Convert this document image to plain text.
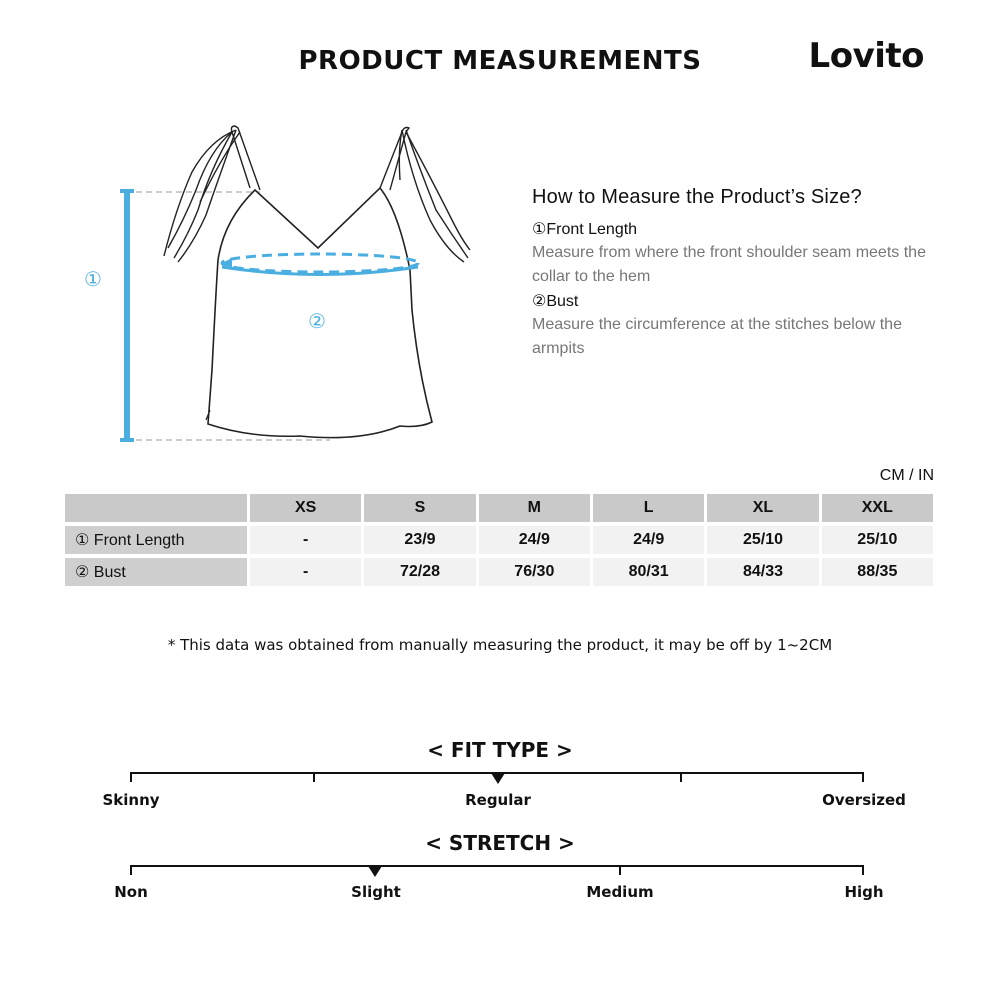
PRODUCT MEASUREMENTS	Lovito
①
②
How to Measure the Product’s Size?

①Front Length

Measure from where the front shoulder seam meets the collar to the hem

②Bust

Measure the circumference at the stitches below the armpits

CM / IN
	XS	S	M	L	XL	XXL
① Front Length	-	23/9	24/9	24/9	25/10	25/10
② Bust	-	72/28	76/30	80/31	84/33	88/35
* This data was obtained from manually measuring the product, it may be off by 1~2CM
< FIT TYPE >
Skinny	Regular	Oversized
< STRETCH >
Non	Slight	Medium	High
